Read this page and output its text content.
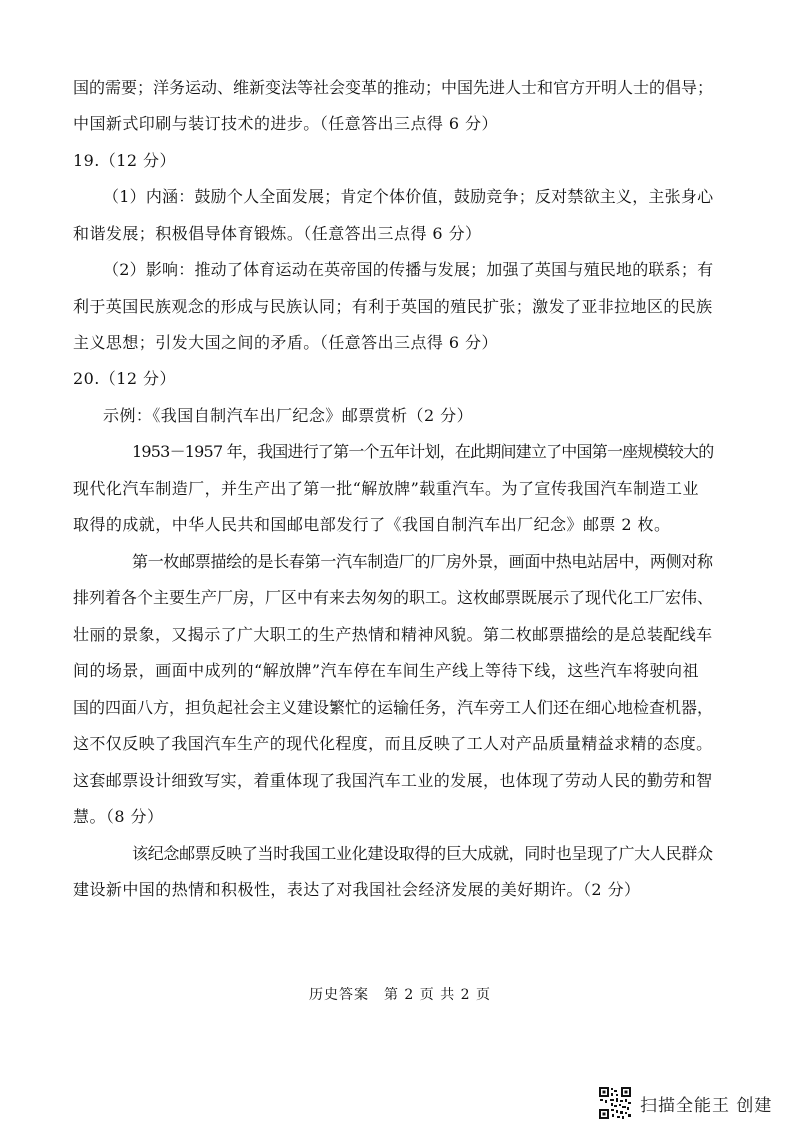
国的需要；洋务运动、维新变法等社会变革的推动；中国先进人士和官方开明人士的倡导；
中国新式印刷与装订技术的进步。（任意答出三点得 6 分）
19.（12 分）
（1）内涵：鼓励个人全面发展；肯定个体价值，鼓励竞争；反对禁欲主义，主张身心
和谐发展；积极倡导体育锻炼。（任意答出三点得 6 分）
（2）影响：推动了体育运动在英帝国的传播与发展；加强了英国与殖民地的联系；有
利于英国民族观念的形成与民族认同；有利于英国的殖民扩张；激发了亚非拉地区的民族
主义思想；引发大国之间的矛盾。（任意答出三点得 6 分）
20.（12 分）
示例：《我国自制汽车出厂纪念》邮票赏析（2 分）
1953－1957 年，我国进行了第一个五年计划，在此期间建立了中国第一座规模较大的
现代化汽车制造厂，并生产出了第一批“解放牌”载重汽车。为了宣传我国汽车制造工业
取得的成就，中华人民共和国邮电部发行了《我国自制汽车出厂纪念》邮票 2 枚。
第一枚邮票描绘的是长春第一汽车制造厂的厂房外景，画面中热电站居中，两侧对称
排列着各个主要生产厂房，厂区中有来去匆匆的职工。这枚邮票既展示了现代化工厂宏伟、
壮丽的景象，又揭示了广大职工的生产热情和精神风貌。第二枚邮票描绘的是总装配线车
间的场景，画面中成列的“解放牌”汽车停在车间生产线上等待下线，这些汽车将驶向祖
国的四面八方，担负起社会主义建设繁忙的运输任务，汽车旁工人们还在细心地检查机器，
这不仅反映了我国汽车生产的现代化程度，而且反映了工人对产品质量精益求精的态度。
这套邮票设计细致写实，着重体现了我国汽车工业的发展，也体现了劳动人民的勤劳和智
慧。（8 分）
该纪念邮票反映了当时我国工业化建设取得的巨大成就，同时也呈现了广大人民群众
建设新中国的热情和积极性，表达了对我国社会经济发展的美好期许。（2 分）
历史答案　第 2 页 共 2 页
扫描全能王 创建
